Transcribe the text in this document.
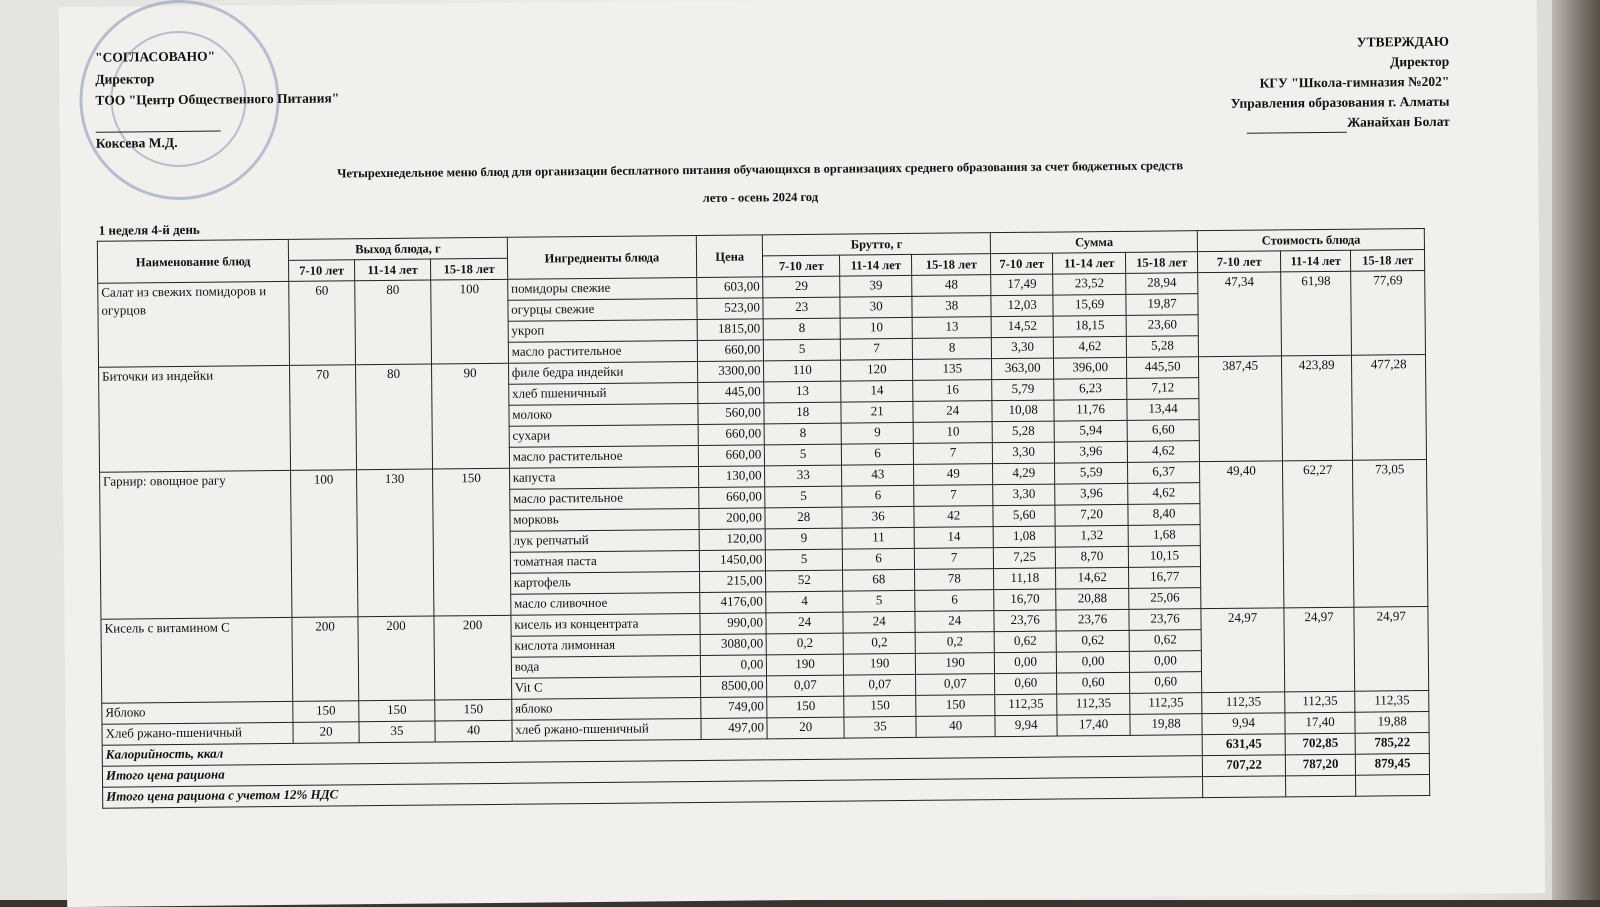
"СОГЛАСОВАНО"
Директор
ТОО "Центр Общественного Питания"
Коксева М.Д.
УТВЕРЖДАЮ
Директор
КГУ "Школа-гимназия №202"
Управления образования г. Алматы
Жанайхан Болат
Четырехнедельное меню блюд для организации бесплатного питания обучающихся в организациях среднего образования за счет бюджетных средств
лето - осень 2024 год
1 неделя 4-й день
Наименование блюд	Выход блюда, г			Ингредиенты блюда	Цена	Брутто, г			Сумма			Стоимость блюда		
	7-10 лет	11-14 лет	15-18 лет			7-10 лет	11-14 лет	15-18 лет	7-10 лет	11-14 лет	15-18 лет	7-10 лет	11-14 лет	15-18 лет
Салат из свежих помидоров и огурцов	60	80	100	помидоры свежие	603,00	29	39	48	17,49	23,52	28,94	47,34	61,98	77,69
				огурцы свежие	523,00	23	30	38	12,03	15,69	19,87			
				укроп	1815,00	8	10	13	14,52	18,15	23,60			
				масло растительное	660,00	5	7	8	3,30	4,62	5,28			
Биточки из индейки	70	80	90	филе бедра индейки	3300,00	110	120	135	363,00	396,00	445,50	387,45	423,89	477,28
				хлеб пшеничный	445,00	13	14	16	5,79	6,23	7,12			
				молоко	560,00	18	21	24	10,08	11,76	13,44			
				сухари	660,00	8	9	10	5,28	5,94	6,60			
				масло растительное	660,00	5	6	7	3,30	3,96	4,62			
Гарнир: овощное рагу	100	130	150	капуста	130,00	33	43	49	4,29	5,59	6,37	49,40	62,27	73,05
				масло растительное	660,00	5	6	7	3,30	3,96	4,62			
				морковь	200,00	28	36	42	5,60	7,20	8,40			
				лук репчатый	120,00	9	11	14	1,08	1,32	1,68			
				томатная паста	1450,00	5	6	7	7,25	8,70	10,15			
				картофель	215,00	52	68	78	11,18	14,62	16,77			
				масло сливочное	4176,00	4	5	6	16,70	20,88	25,06			
Кисель с витамином С	200	200	200	кисель из концентрата	990,00	24	24	24	23,76	23,76	23,76	24,97	24,97	24,97
				кислота лимонная	3080,00	0,2	0,2	0,2	0,62	0,62	0,62			
				вода	0,00	190	190	190	0,00	0,00	0,00			
				Vit C	8500,00	0,07	0,07	0,07	0,60	0,60	0,60			
Яблоко	150	150	150	яблоко	749,00	150	150	150	112,35	112,35	112,35	112,35	112,35	112,35
Хлеб ржано-пшеничный	20	35	40	хлеб ржано-пшеничный	497,00	20	35	40	9,94	17,40	19,88	9,94	17,40	19,88
Калорийность, ккал												631,45	702,85	785,22
Итого цена рациона												707,22	787,20	879,45
Итого цена рациона с учетом 12% НДС														
